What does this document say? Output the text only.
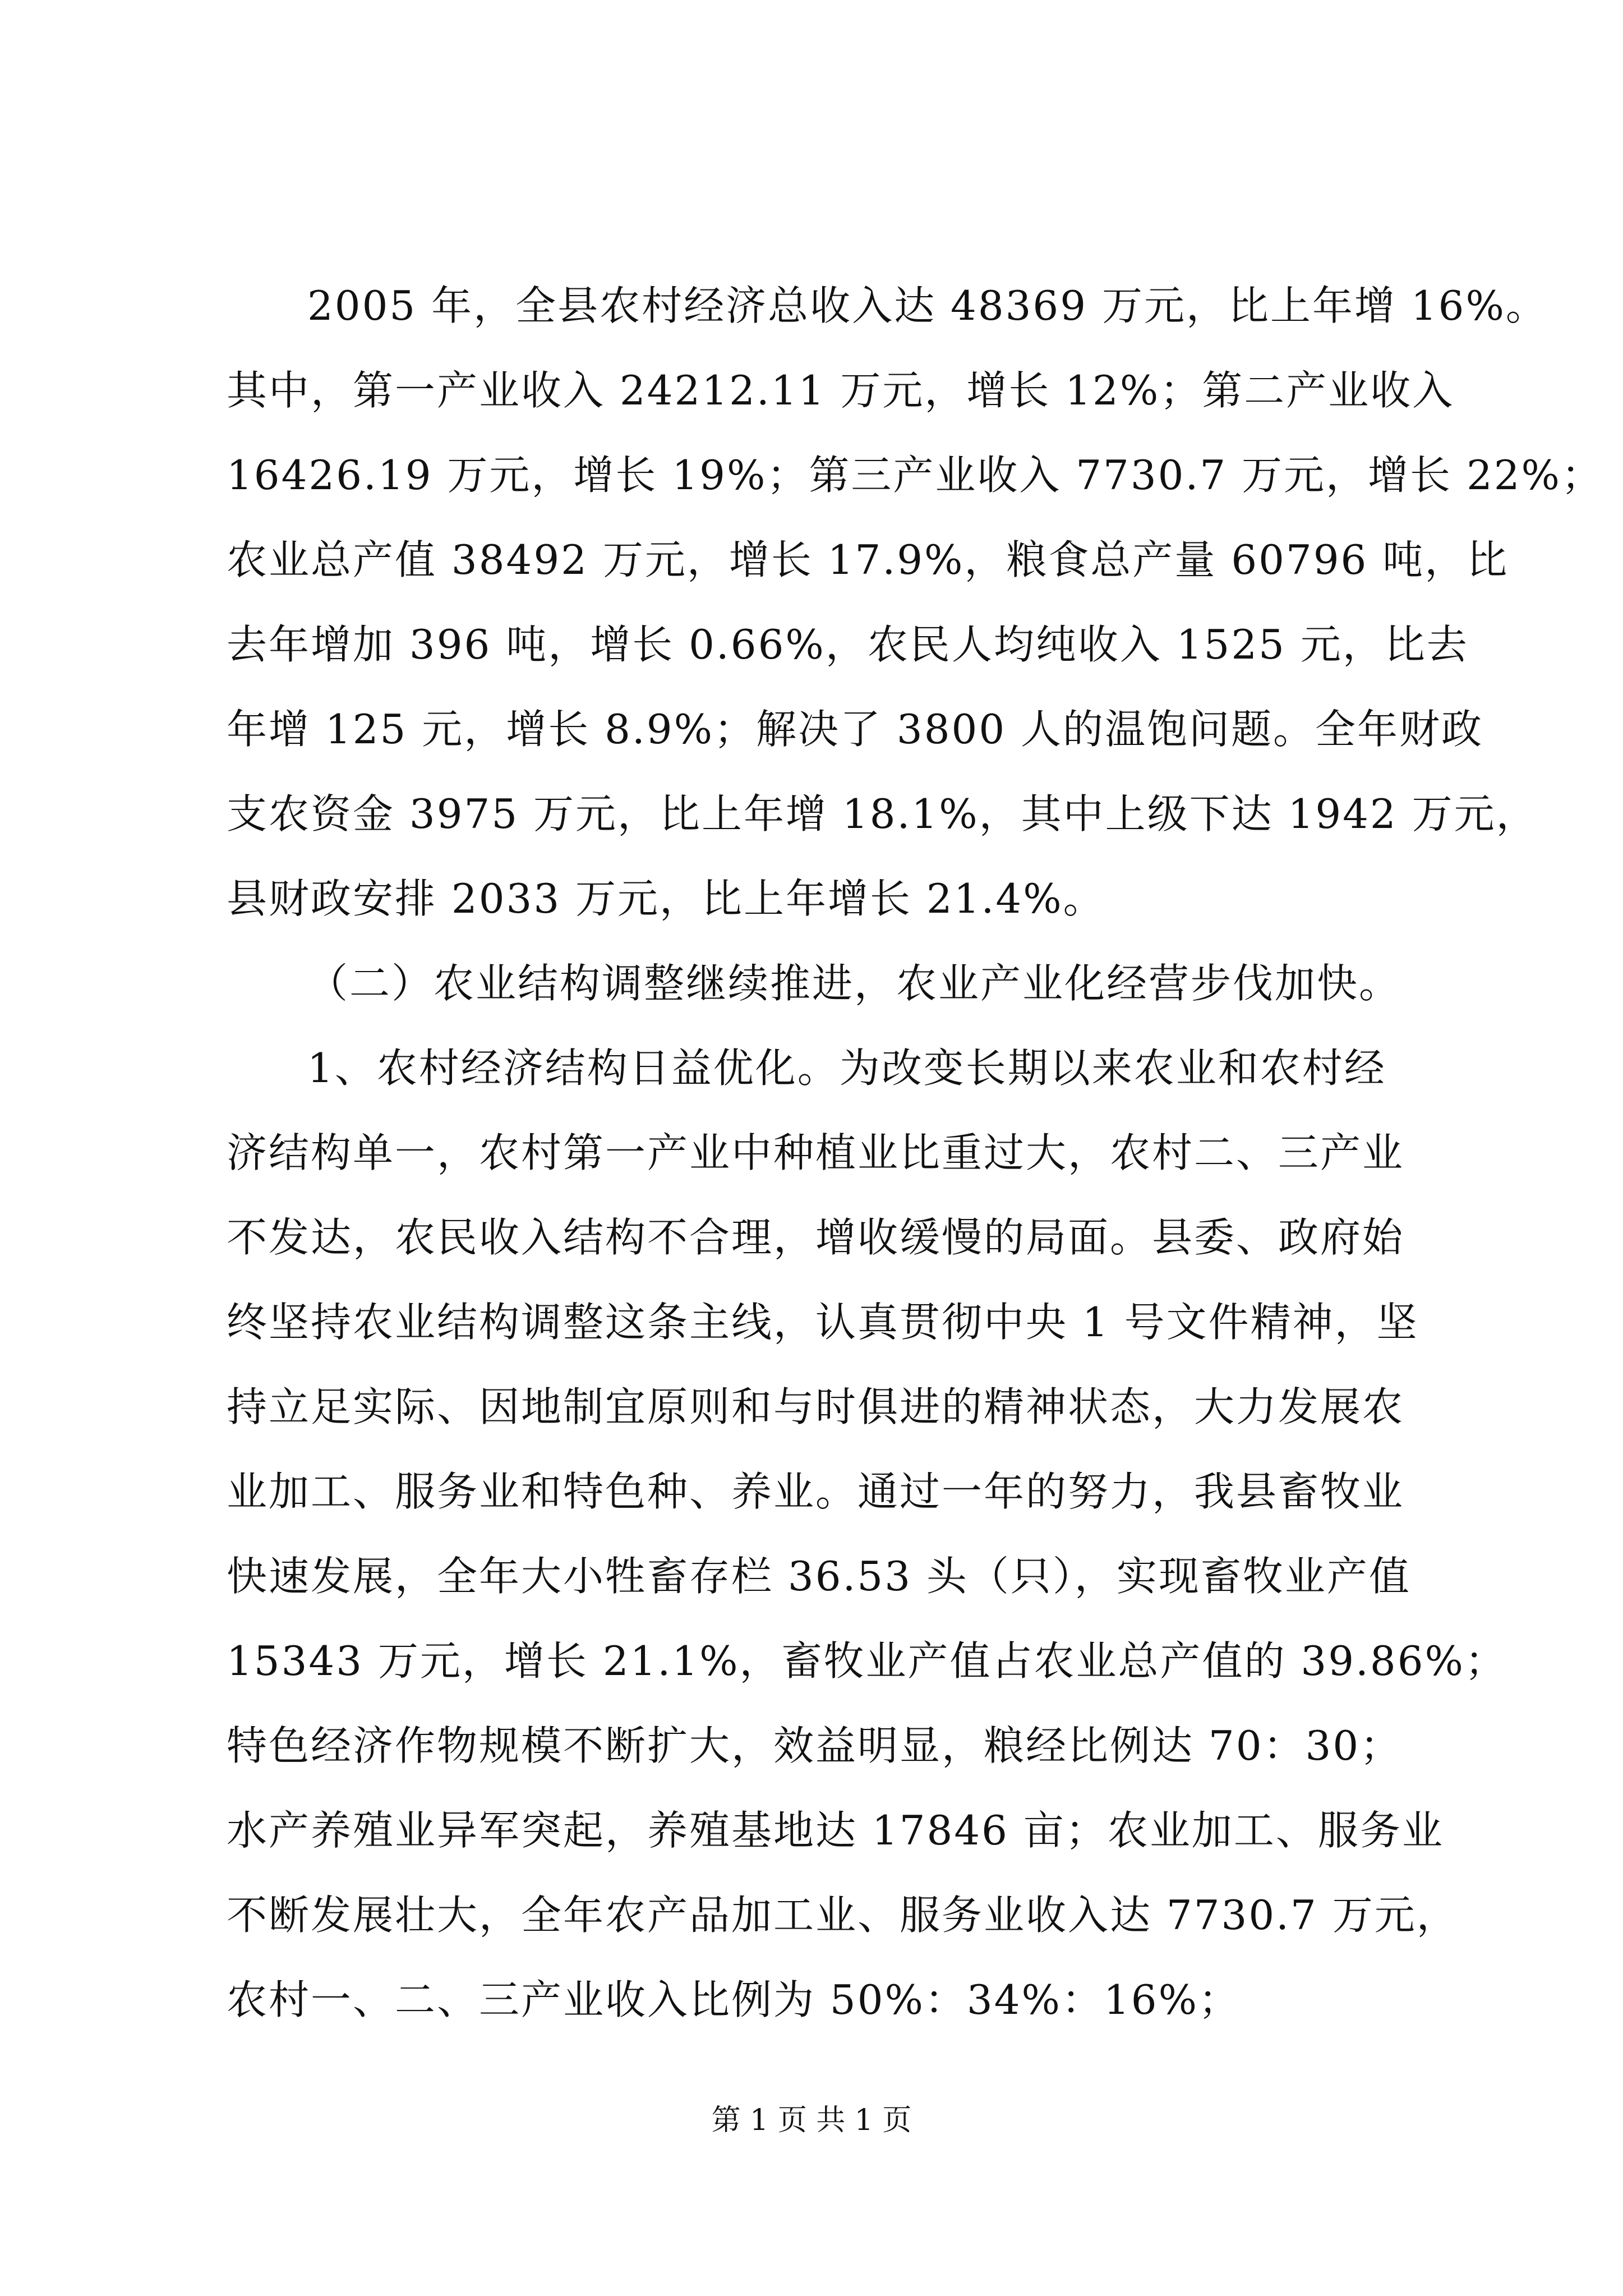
2005 年，全县农村经济总收入达 48369 万元，比上年增 16%。
其中，第一产业收入 24212.11 万元，增长 12%；第二产业收入
16426.19 万元，增长 19%；第三产业收入 7730.7 万元，增长 22%；
农业总产值 38492 万元，增长 17.9%，粮食总产量 60796 吨，比
去年增加 396 吨，增长 0.66%，农民人均纯收入 1525 元，比去
年增 125 元，增长 8.9%；解决了 3800 人的温饱问题。全年财政
支农资金 3975 万元，比上年增 18.1%，其中上级下达 1942 万元，
县财政安排 2033 万元，比上年增长 21.4%。
（二）农业结构调整继续推进，农业产业化经营步伐加快。
1、农村经济结构日益优化。为改变长期以来农业和农村经
济结构单一，农村第一产业中种植业比重过大，农村二、三产业
不发达，农民收入结构不合理，增收缓慢的局面。县委、政府始
终坚持农业结构调整这条主线，认真贯彻中央 1 号文件精神，坚
持立足实际、因地制宜原则和与时俱进的精神状态，大力发展农
业加工、服务业和特色种、养业。通过一年的努力，我县畜牧业
快速发展，全年大小牲畜存栏 36.53 头（只），实现畜牧业产值
15343 万元，增长 21.1%，畜牧业产值占农业总产值的 39.86%；
特色经济作物规模不断扩大，效益明显，粮经比例达 70：30；
水产养殖业异军突起，养殖基地达 17846 亩；农业加工、服务业
不断发展壮大，全年农产品加工业、服务业收入达 7730.7 万元，
农村一、二、三产业收入比例为 50%：34%：16%；
第 1 页 共 1 页
